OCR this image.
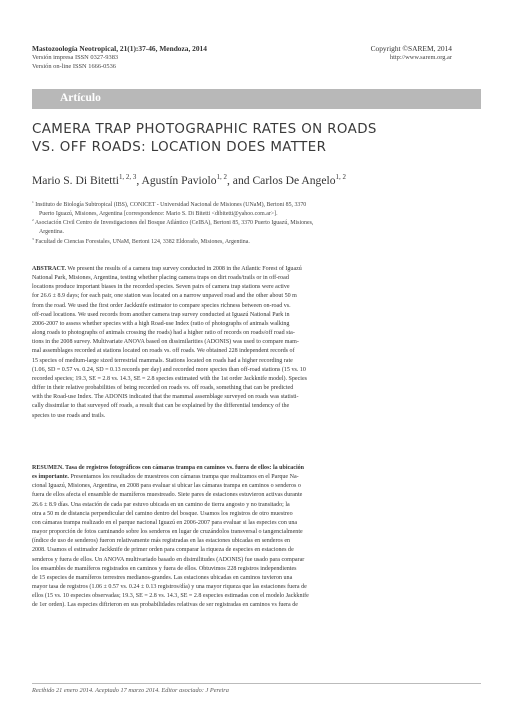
Mastozoología Neotropical, 21(1):37-46, Mendoza, 2014
Versión impresa ISSN 0327-9383
Versión on-line ISSN 1666-0536
Copyright ©SAREM, 2014
http://www.sarem.org.ar
Artículo
CAMERA TRAP PHOTOGRAPHIC RATES ON ROADS
VS. OFF ROADS: LOCATION DOES MATTER
Mario S. Di Bitetti$^{1, 2, 3}$, Agustín Paviolo$^{1, 2}$, and Carlos De Angelo$^{1, 2}$
$^1$ Instituto de Biología Subtropical (IBS), CONICET - Universidad Nacional de Misiones (UNaM), Bertoni 85, 3370
Puerto Iguazú, Misiones, Argentina [correspondence: Mario S. Di Bitetti <dibitetti@yahoo.com.ar>].
$^2$ Asociación Civil Centro de Investigaciones del Bosque Atlántico (CeIBA), Bertoni 85, 3370 Puerto Iguazú, Misiones,
Argentina.
$^3$ Facultad de Ciencias Forestales, UNaM, Bertoni 124, 3382 Eldorado, Misiones, Argentina.
ABSTRACT. We present the results of a camera trap survey conducted in 2008 in the Atlantic Forest of Iguazú
National Park, Misiones, Argentina, testing whether placing camera traps on dirt roads/trails or in off-road
locations produce important biases in the recorded species. Seven pairs of camera trap stations were active
for 26.6 ± 8.9 days; for each pair, one station was located on a narrow unpaved road and the other about 50 m
from the road. We used the first order Jackknife estimator to compare species richness between on-road vs.
off-road locations. We used records from another camera trap survey conducted at Iguazú National Park in
2006-2007 to assess whether species with a high Road-use Index (ratio of photographs of animals walking
along roads to photographs of animals crossing the roads) had a higher ratio of records on roads/off road sta-
tions in the 2008 survey. Multivariate ANOVA based on dissimilarities (ADONIS) was used to compare mam-
mal assemblages recorded at stations located on roads vs. off roads. We obtained 228 independent records of
15 species of medium-large sized terrestrial mammals. Stations located on roads had a higher recording rate
(1.06, SD = 0.57 vs. 0.24, SD = 0.13 records per day) and recorded more species than off-road stations (15 vs. 10
recorded species; 19.3, SE = 2.8 vs. 14.3, SE = 2.8 species estimated with the 1st order Jackknife model). Species
differ in their relative probabilities of being recorded on roads vs. off roads, something that can be predicted
with the Road-use Index. The ADONIS indicated that the mammal assemblage surveyed on roads was statisti-
cally dissimilar to that surveyed off roads, a result that can be explained by the differential tendency of the
species to use roads and trails.
RESUMEN. Tasa de registros fotográficos con cámaras trampa en caminos vs. fuera de ellos: la ubicación
es importante. Presentamos los resultados de muestreos con cámaras trampa que realizamos en el Parque Na-
cional Iguazú, Misiones, Argentina, en 2008 para evaluar si ubicar las cámaras trampa en caminos o senderos o
fuera de ellos afecta el ensamble de mamíferos muestreado. Siete pares de estaciones estuvieron activas durante
26.6 ± 8.9 días. Una estación de cada par estuvo ubicada en un camino de tierra angosto y no transitado; la
otra a 50 m de distancia perpendicular del camino dentro del bosque. Usamos los registros de otro muestreo
con cámaras trampa realizado en el parque nacional Iguazú en 2006-2007 para evaluar si las especies con una
mayor proporción de fotos caminando sobre los senderos en lugar de cruzándolos transversal o tangencialmente
(índice de uso de senderos) fueron relativamente más registradas en las estaciones ubicadas en senderos en
2008. Usamos el estimador Jackknife de primer orden para comparar la riqueza de especies en estaciones de
senderos y fuera de ellos. Un ANOVA multivariado basado en disimilitudes (ADONIS) fue usado para comparar
los ensambles de mamíferos registrados en caminos y fuera de ellos. Obtuvimos 228 registros independientes
de 15 especies de mamíferos terrestres medianos-grandes. Las estaciones ubicadas en caminos tuvieron una
mayor tasa de registros (1.06 ± 0.57 vs. 0.24 ± 0.13 registros/día) y una mayor riqueza que las estaciones fuera de
ellos (15 vs. 10 especies observadas; 19.3, SE = 2.8 vs. 14.3, SE = 2.8 especies estimadas con el modelo Jackknife
de 1er orden). Las especies difirieron en sus probabilidades relativas de ser registradas en caminos vs fuera de
Recibido 21 enero 2014. Aceptado 17 marzo 2014. Editor asociado: J Pereira
